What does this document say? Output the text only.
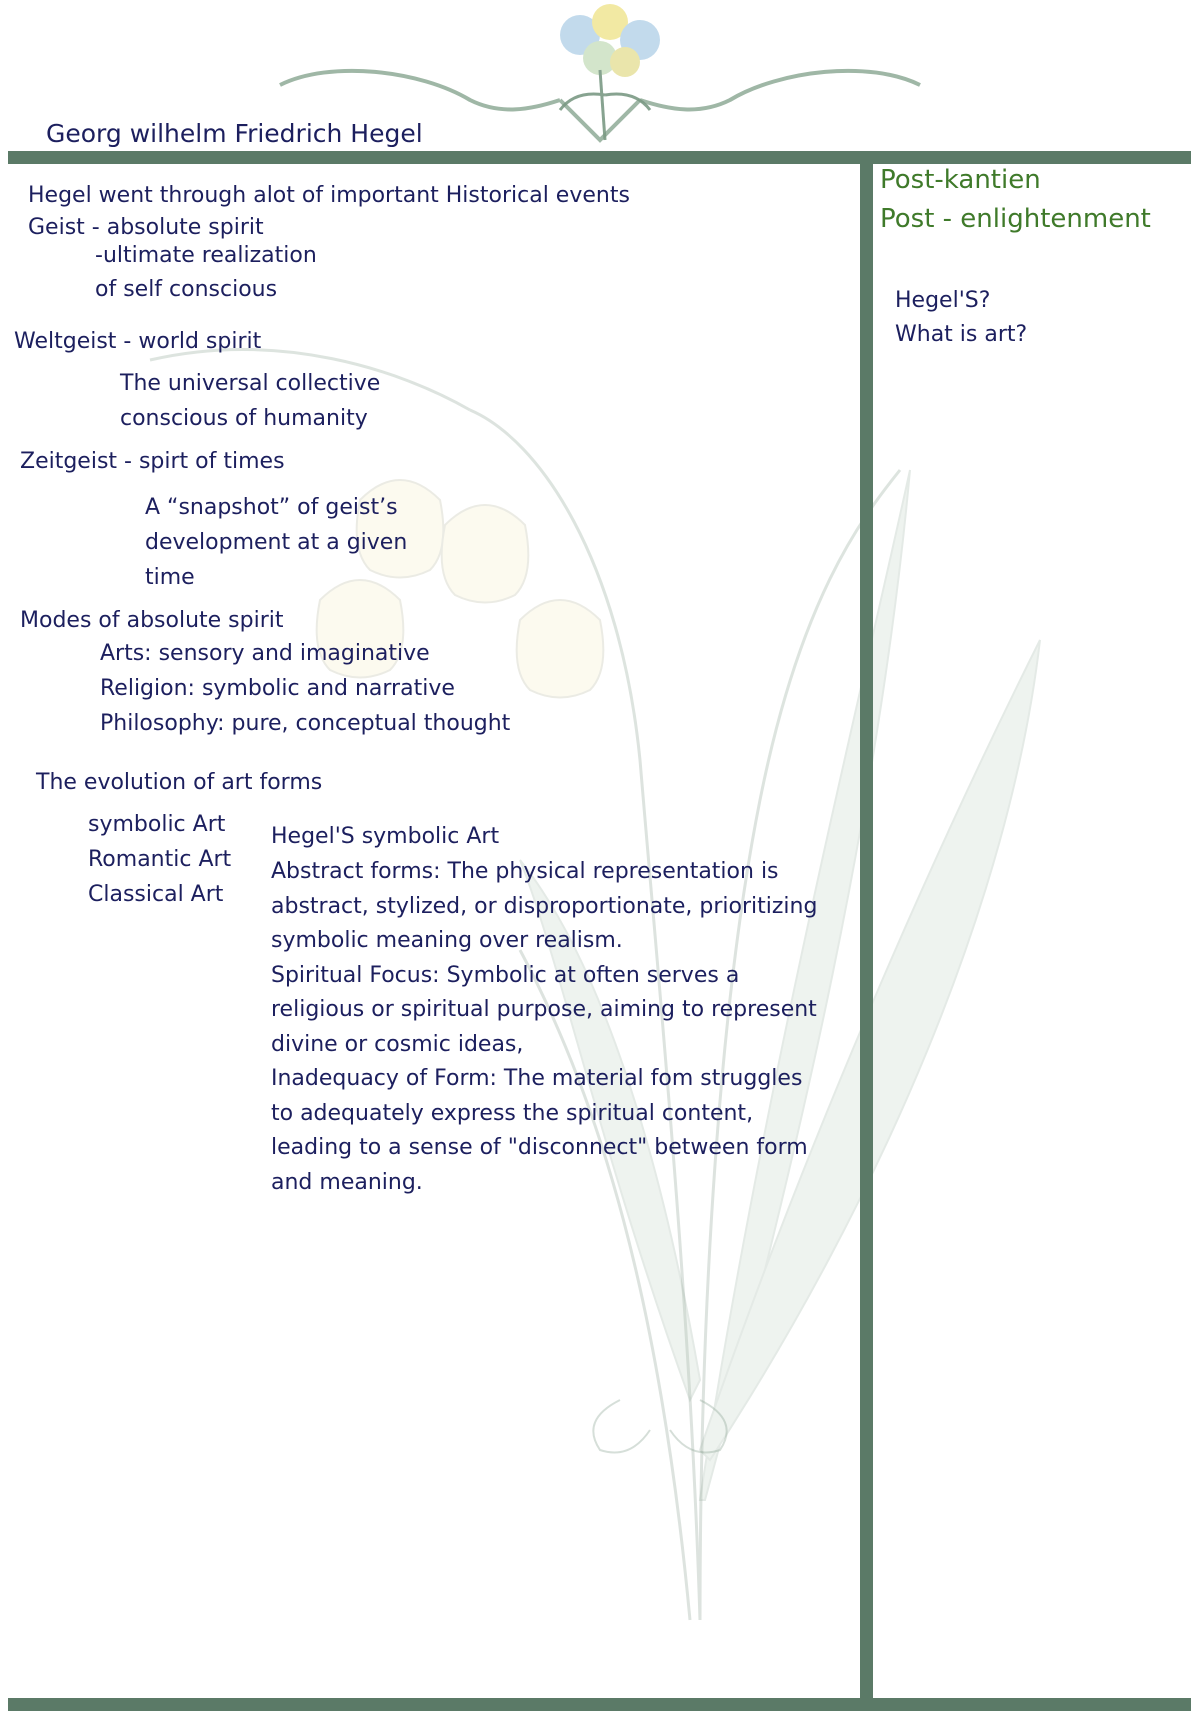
Georg wilhelm Friedrich Hegel
Post-kantien
Post - enlightenment
Hegel'S?
What is art?
Hegel went through alot of important Historical events
Geist - absolute spirit
-ultimate realization
of self conscious
Weltgeist - world spirit
The universal collective
conscious of humanity
Zeitgeist - spirt of times
A “snapshot” of geist’s
development at a given
time
Modes of absolute spirit
Arts: sensory and imaginative
Religion: symbolic and narrative
Philosophy: pure, conceptual thought
The evolution of art forms
symbolic Art
Romantic Art
Classical Art
Hegel'S symbolic Art
Abstract forms: The physical representation is
abstract, stylized, or disproportionate, prioritizing
symbolic meaning over realism.
Spiritual Focus: Symbolic at often serves a
religious or spiritual purpose, aiming to represent
divine or cosmic ideas,
Inadequacy of Form: The material fom struggles
to adequately express the spiritual content,
leading to a sense of "disconnect" between form
and meaning.
